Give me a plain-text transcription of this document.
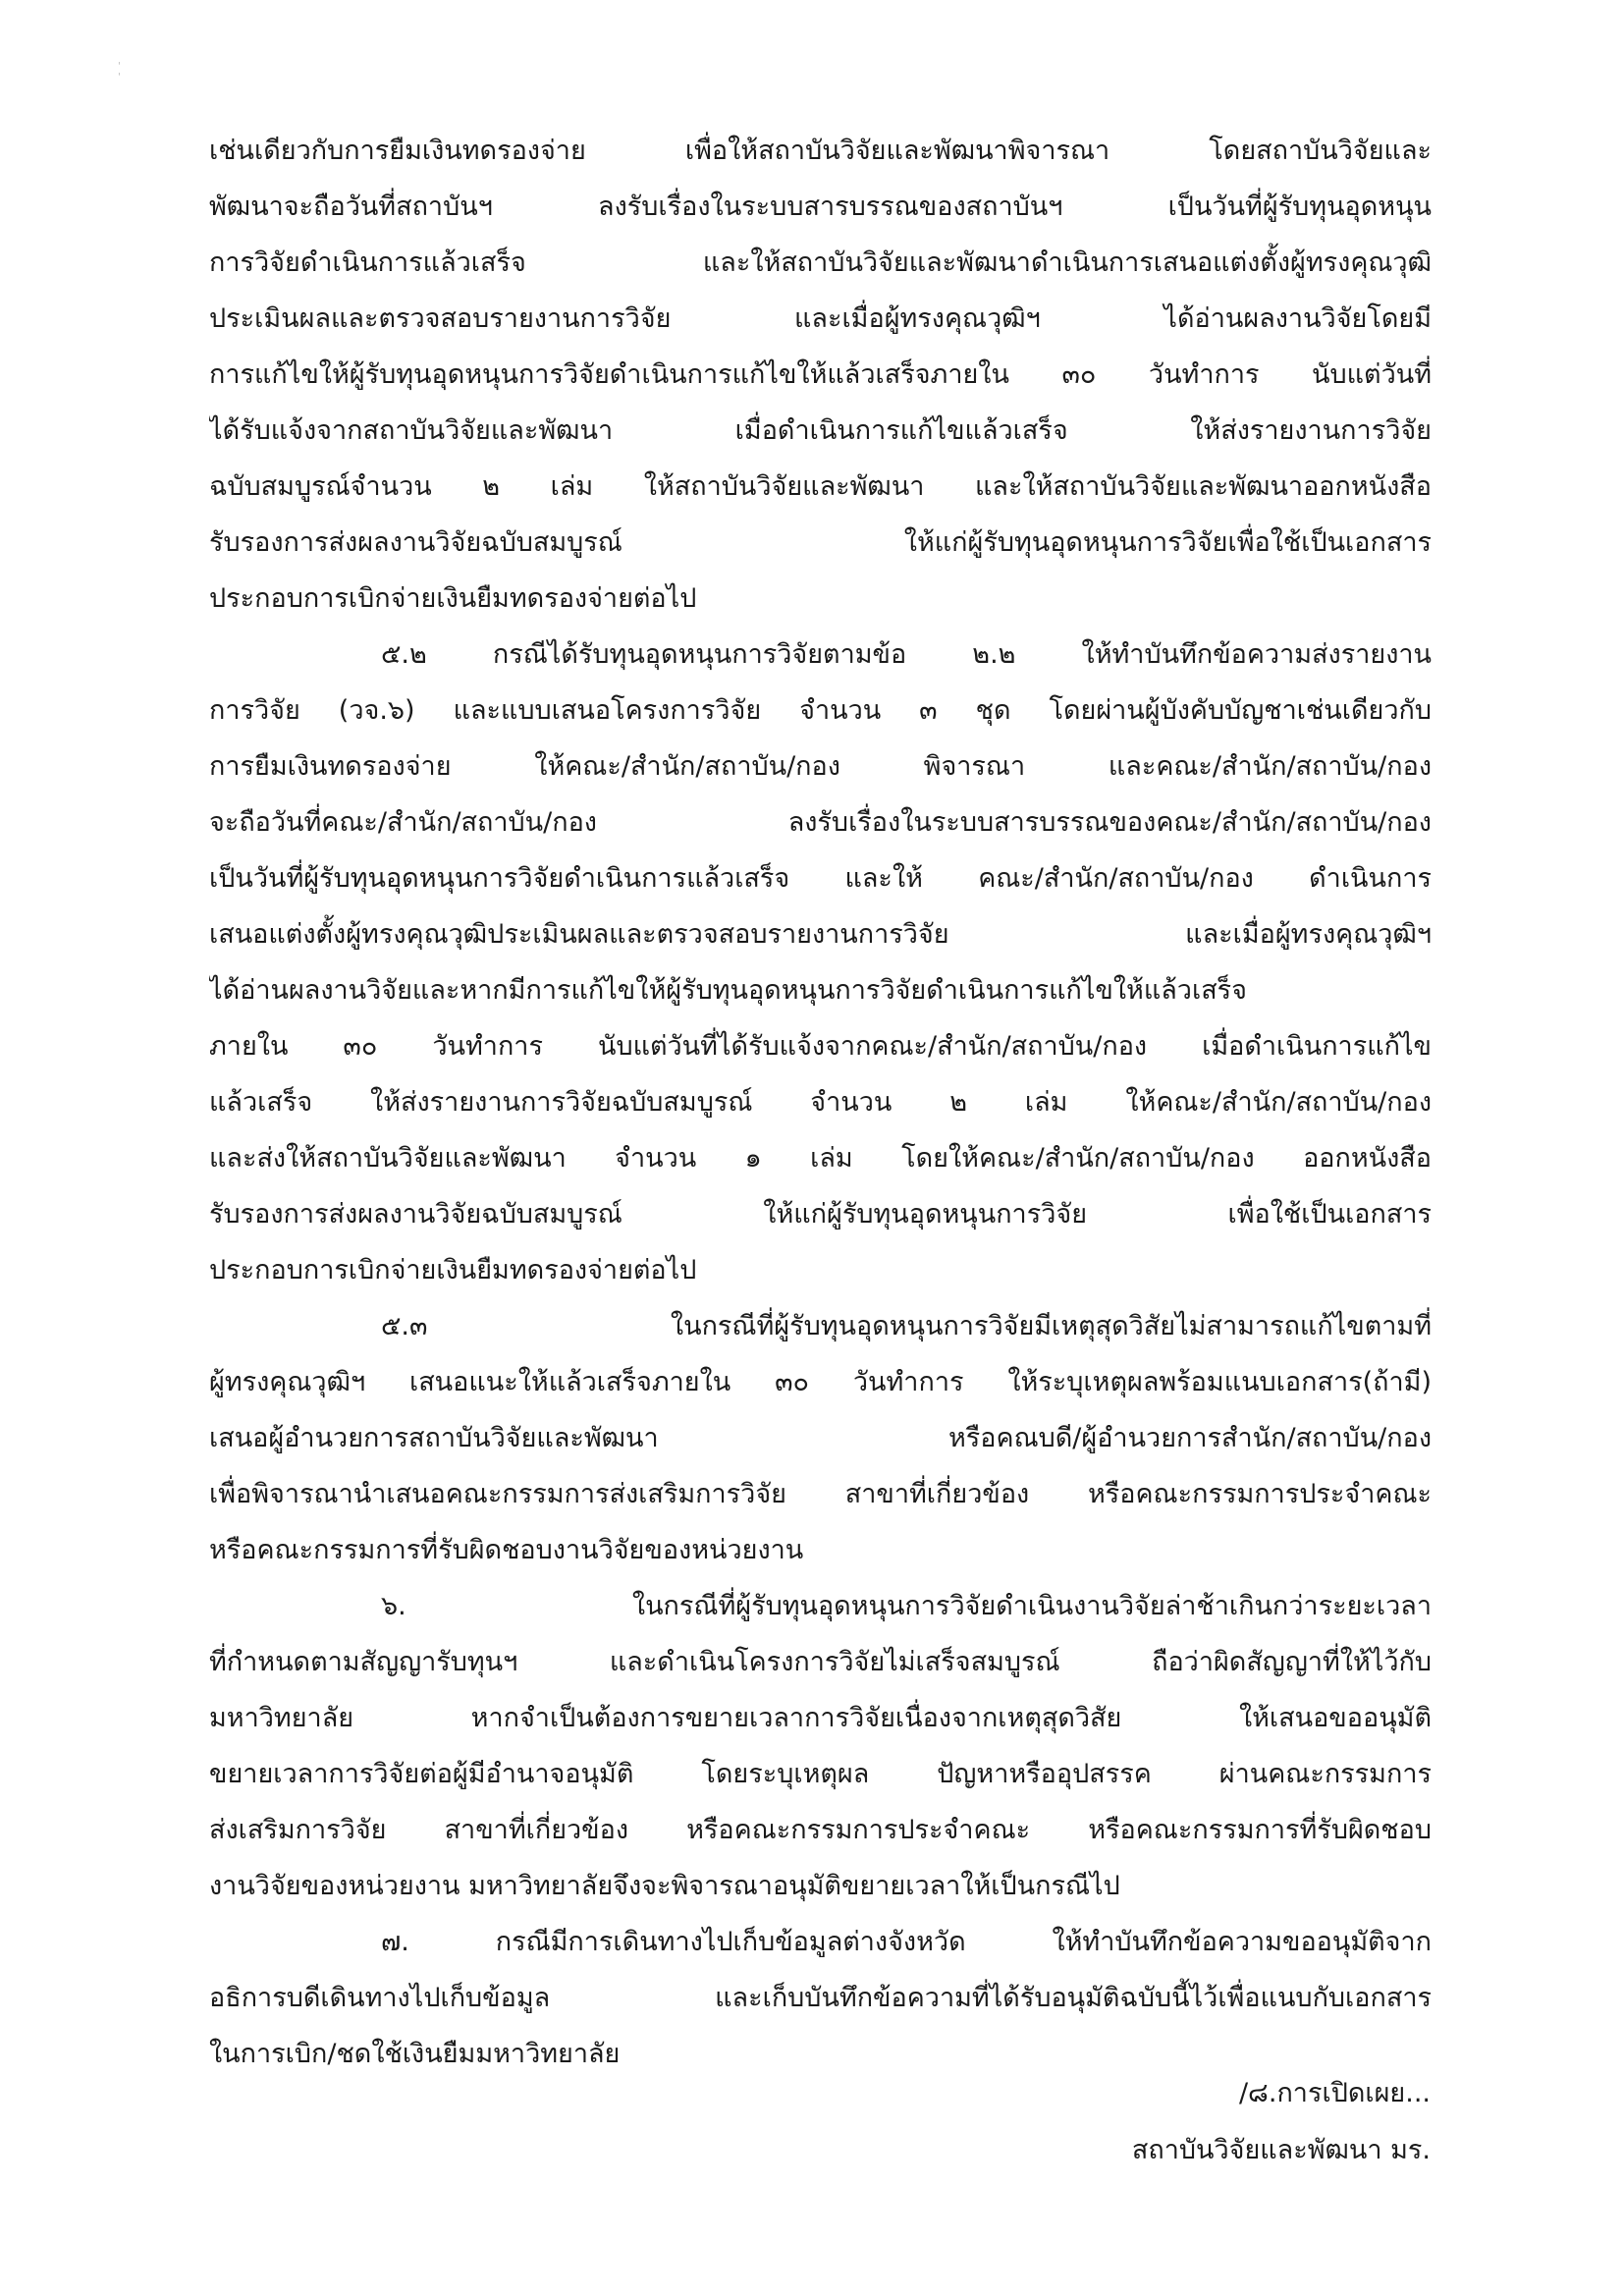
' '
เช่นเดียวกับการยืมเงินทดรองจ่าย เพื่อให้สถาบันวิจัยและพัฒนาพิจารณา โดยสถาบันวิจัยและ
พัฒนาจะถือวันที่สถาบันฯ ลงรับเรื่องในระบบสารบรรณของสถาบันฯ เป็นวันที่ผู้รับทุนอุดหนุน
การวิจัยดำเนินการแล้วเสร็จ และให้สถาบันวิจัยและพัฒนาดำเนินการเสนอแต่งตั้งผู้ทรงคุณวุฒิ
ประเมินผลและตรวจสอบรายงานการวิจัย และเมื่อผู้ทรงคุณวุฒิฯ ได้อ่านผลงานวิจัยโดยมี
การแก้ไขให้ผู้รับทุนอุดหนุนการวิจัยดำเนินการแก้ไขให้แล้วเสร็จภายใน ๓๐ วันทำการ นับแต่วันที่
ได้รับแจ้งจากสถาบันวิจัยและพัฒนา เมื่อดำเนินการแก้ไขแล้วเสร็จ ให้ส่งรายงานการวิจัย
ฉบับสมบูรณ์จำนวน ๒ เล่ม ให้สถาบันวิจัยและพัฒนา และให้สถาบันวิจัยและพัฒนาออกหนังสือ
รับรองการส่งผลงานวิจัยฉบับสมบูรณ์ ให้แก่ผู้รับทุนอุดหนุนการวิจัยเพื่อใช้เป็นเอกสาร
ประกอบการเบิกจ่ายเงินยืมทดรองจ่ายต่อไป
๕.๒ กรณีได้รับทุนอุดหนุนการวิจัยตามข้อ ๒.๒ ให้ทำบันทึกข้อความส่งรายงาน
การวิจัย (วจ.๖) และแบบเสนอโครงการวิจัย จำนวน ๓ ชุด โดยผ่านผู้บังคับบัญชาเช่นเดียวกับ
การยืมเงินทดรองจ่าย ให้คณะ/สำนัก/สถาบัน/กอง พิจารณา และคณะ/สำนัก/สถาบัน/กอง
จะถือวันที่คณะ/สำนัก/สถาบัน/กอง ลงรับเรื่องในระบบสารบรรณของคณะ/สำนัก/สถาบัน/กอง
เป็นวันที่ผู้รับทุนอุดหนุนการวิจัยดำเนินการแล้วเสร็จ และให้ คณะ/สำนัก/สถาบัน/กอง ดำเนินการ
เสนอแต่งตั้งผู้ทรงคุณวุฒิประเมินผลและตรวจสอบรายงานการวิจัย และเมื่อผู้ทรงคุณวุฒิฯ
ได้อ่านผลงานวิจัยและหากมีการแก้ไขให้ผู้รับทุนอุดหนุนการวิจัยดำเนินการแก้ไขให้แล้วเสร็จ
ภายใน ๓๐ วันทำการ นับแต่วันที่ได้รับแจ้งจากคณะ/สำนัก/สถาบัน/กอง เมื่อดำเนินการแก้ไข
แล้วเสร็จ ให้ส่งรายงานการวิจัยฉบับสมบูรณ์ จำนวน ๒ เล่ม ให้คณะ/สำนัก/สถาบัน/กอง
และส่งให้สถาบันวิจัยและพัฒนา จำนวน ๑ เล่ม โดยให้คณะ/สำนัก/สถาบัน/กอง ออกหนังสือ
รับรองการส่งผลงานวิจัยฉบับสมบูรณ์ ให้แก่ผู้รับทุนอุดหนุนการวิจัย เพื่อใช้เป็นเอกสาร
ประกอบการเบิกจ่ายเงินยืมทดรองจ่ายต่อไป
๕.๓ ในกรณีที่ผู้รับทุนอุดหนุนการวิจัยมีเหตุสุดวิสัยไม่สามารถแก้ไขตามที่
ผู้ทรงคุณวุฒิฯ เสนอแนะให้แล้วเสร็จภายใน ๓๐ วันทำการ ให้ระบุเหตุผลพร้อมแนบเอกสาร(ถ้ามี)
เสนอผู้อำนวยการสถาบันวิจัยและพัฒนา หรือคณบดี/ผู้อำนวยการสำนัก/สถาบัน/กอง
เพื่อพิจารณานำเสนอคณะกรรมการส่งเสริมการวิจัย สาขาที่เกี่ยวข้อง หรือคณะกรรมการประจำคณะ
หรือคณะกรรมการที่รับผิดชอบงานวิจัยของหน่วยงาน
๖. ในกรณีที่ผู้รับทุนอุดหนุนการวิจัยดำเนินงานวิจัยล่าช้าเกินกว่าระยะเวลา
ที่กำหนดตามสัญญารับทุนฯ และดำเนินโครงการวิจัยไม่เสร็จสมบูรณ์ ถือว่าผิดสัญญาที่ให้ไว้กับ
มหาวิทยาลัย หากจำเป็นต้องการขยายเวลาการวิจัยเนื่องจากเหตุสุดวิสัย ให้เสนอขออนุมัติ
ขยายเวลาการวิจัยต่อผู้มีอำนาจอนุมัติ โดยระบุเหตุผล ปัญหาหรืออุปสรรค ผ่านคณะกรรมการ
ส่งเสริมการวิจัย สาขาที่เกี่ยวข้อง หรือคณะกรรมการประจำคณะ หรือคณะกรรมการที่รับผิดชอบ
งานวิจัยของหน่วยงาน มหาวิทยาลัยจึงจะพิจารณาอนุมัติขยายเวลาให้เป็นกรณีไป
๗. กรณีมีการเดินทางไปเก็บข้อมูลต่างจังหวัด ให้ทำบันทึกข้อความขออนุมัติจาก
อธิการบดีเดินทางไปเก็บข้อมูล และเก็บบันทึกข้อความที่ได้รับอนุมัติฉบับนี้ไว้เพื่อแนบกับเอกสาร
ในการเบิก/ชดใช้เงินยืมมหาวิทยาลัย
/๘.การเปิดเผย...
สถาบันวิจัยและพัฒนา มร.
